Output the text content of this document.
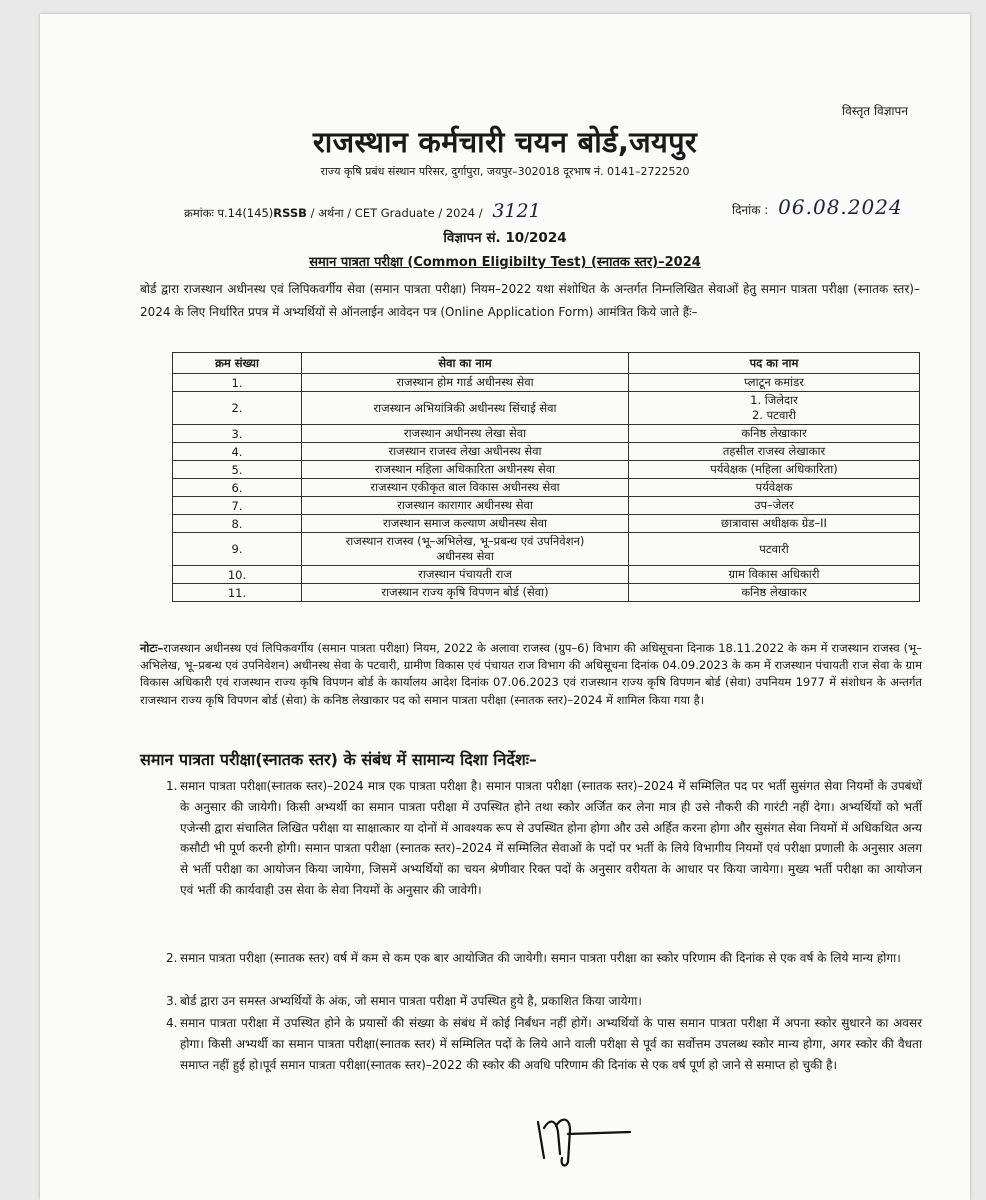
विस्तृत विज्ञापन
राजस्थान कर्मचारी चयन बोर्ड,जयपुर
राज्य कृषि प्रबंध संस्थान परिसर, दुर्गापुरा, जयपुर–302018 दूरभाष नं. 0141–2722520
क्रमांकः प.14(145)RSSB / अर्थना / CET Graduate / 2024 / 3121	दिनांक : 06.08.2024
विज्ञापन सं. 10/2024
समान पात्रता परीक्षा (Common Eligibilty Test) (स्नातक स्तर)–2024
बोर्ड द्वारा राजस्थान अधीनस्थ एवं लिपिकवर्गीय सेवा (समान पात्रता परीक्षा) नियम–2022 यथा संशोधित के अन्तर्गत निम्नलिखित सेवाओं हेतु समान पात्रता परीक्षा (स्नातक स्तर)–2024 के लिए निर्धारित प्रपत्र में अभ्यर्थियों से ऑनलाईन आवेदन पत्र (Online Application Form) आमंत्रित किये जाते हैंः–
क्रम संख्या	सेवा का नाम	पद का नाम
1.	राजस्थान होम गार्ड अधीनस्थ सेवा	प्लाटून कमांडर
2.	राजस्थान अभियांत्रिकी अधीनस्थ सिंचाई सेवा	1. जिलेदार
2. पटवारी

3.	राजस्थान अधीनस्थ लेखा सेवा	कनिष्ठ लेखाकार
4.	राजस्थान राजस्व लेखा अधीनस्थ सेवा	तहसील राजस्व लेखाकार
5.	राजस्थान महिला अधिकारिता अधीनस्थ सेवा	पर्यवेक्षक (महिला अधिकारिता)
6.	राजस्थान एकीकृत बाल विकास अधीनस्थ सेवा	पर्यवेक्षक
7.	राजस्थान कारागार अधीनस्थ सेवा	उप–जेलर
8.	राजस्थान समाज कल्याण अधीनस्थ सेवा	छात्रावास अधीक्षक ग्रेड–II
9.	राजस्थान राजस्व (भू–अभिलेख, भू–प्रबन्ध एवं उपनिवेशन)
अधीनस्थ सेवा	पटवारी
10.	राजस्थान पंचायती राज	ग्राम विकास अधिकारी
11.	राजस्थान राज्य कृषि विपणन बोर्ड (सेवा)	कनिष्ठ लेखाकार
नोटः–राजस्थान अधीनस्थ एवं लिपिकवर्गीय (समान पात्रता परीक्षा) नियम, 2022 के अलावा राजस्व (ग्रुप–6) विभाग की अधिसूचना दिनाक 18.11.2022 के कम में राजस्थान राजस्व (भू–अभिलेख, भू–प्रबन्ध एवं उपनिवेशन) अधीनस्थ सेवा के पटवारी, ग्रामीण विकास एवं पंचायत राज विभाग की अधिसूचना दिनांक 04.09.2023 के कम में राजस्थान पंचायती राज सेवा के ग्राम विकास अधिकारी एवं राजस्थान राज्य कृषि विपणन बोर्ड के कार्यालय आदेश दिनांक 07.06.2023 एवं राजस्थान राज्य कृषि विपणन बोर्ड (सेवा) उपनियम 1977 में संशोधन के अन्तर्गत राजस्थान राज्य कृषि विपणन बोर्ड (सेवा) के कनिष्ठ लेखाकार पद को समान पात्रता परीक्षा (स्नातक स्तर)–2024 में शामिल किया गया है।
समान पात्रता परीक्षा(स्नातक स्तर) के संबंध में सामान्य दिशा निर्देशः–
1. समान पात्रता परीक्षा(स्नातक स्तर)–2024 मात्र एक पात्रता परीक्षा है। समान पात्रता परीक्षा (स्नातक स्तर)–2024 में सम्मिलित पद पर भर्ती सुसंगत सेवा नियमों के उपबंधों के अनुसार की जायेगी। किसी अभ्यर्थी का समान पात्रता परीक्षा में उपस्थित होने तथा स्कोर अर्जित कर लेना मात्र ही उसे नौकरी की गारंटी नहीं देगा। अभ्यर्थियों को भर्ती एजेन्सी द्वारा संचालित लिखित परीक्षा या साक्षात्कार या दोनों में आवश्यक रूप से उपस्थित होना होगा और उसे अर्हित करना होगा और सुसंगत सेवा नियमों में अधिकथित अन्य कसौटी भी पूर्ण करनी होगी। समान पात्रता परीक्षा (स्नातक स्तर)–2024 में सम्मिलित सेवाओं के पदों पर भर्ती के लिये विभागीय नियमों एवं परीक्षा प्रणाली के अनुसार अलग से भर्ती परीक्षा का आयोजन किया जायेगा, जिसमें अभ्यर्थियों का चयन श्रेणीवार रिक्त पदों के अनुसार वरीयता के आधार पर किया जायेगा। मुख्य भर्ती परीक्षा का आयोजन एवं भर्ती की कार्यवाही उस सेवा के सेवा नियमों के अनुसार की जावेगी।
2. समान पात्रता परीक्षा (स्नातक स्तर) वर्ष में कम से कम एक बार आयोजित की जायेगी। समान पात्रता परीक्षा का स्कोर परिणाम की दिनांक से एक वर्ष के लिये मान्य होगा।
3. बोर्ड द्वारा उन समस्त अभ्यर्थियों के अंक, जो समान पात्रता परीक्षा में उपस्थित हुये है, प्रकाशित किया जायेगा।
4. समान पात्रता परीक्षा में उपस्थित होने के प्रयासों की संख्या के संबंध में कोई निर्बंधन नहीं होगें। अभ्यर्थियों के पास समान पात्रता परीक्षा में अपना स्कोर सुधारने का अवसर होगा। किसी अभ्यर्थी का समान पात्रता परीक्षा(स्नातक स्तर) में सम्मिलित पदों के लिये आने वाली परीक्षा से पूर्व का सर्वोत्तम उपलब्ध स्कोर मान्य होगा, अगर स्कोर की वैधता समाप्त नहीं हुई हो।पूर्व समान पात्रता परीक्षा(स्नातक स्तर)–2022 की स्कोर की अवधि परिणाम की दिनांक से एक वर्ष पूर्ण हो जाने से समाप्त हो चुकी है।
